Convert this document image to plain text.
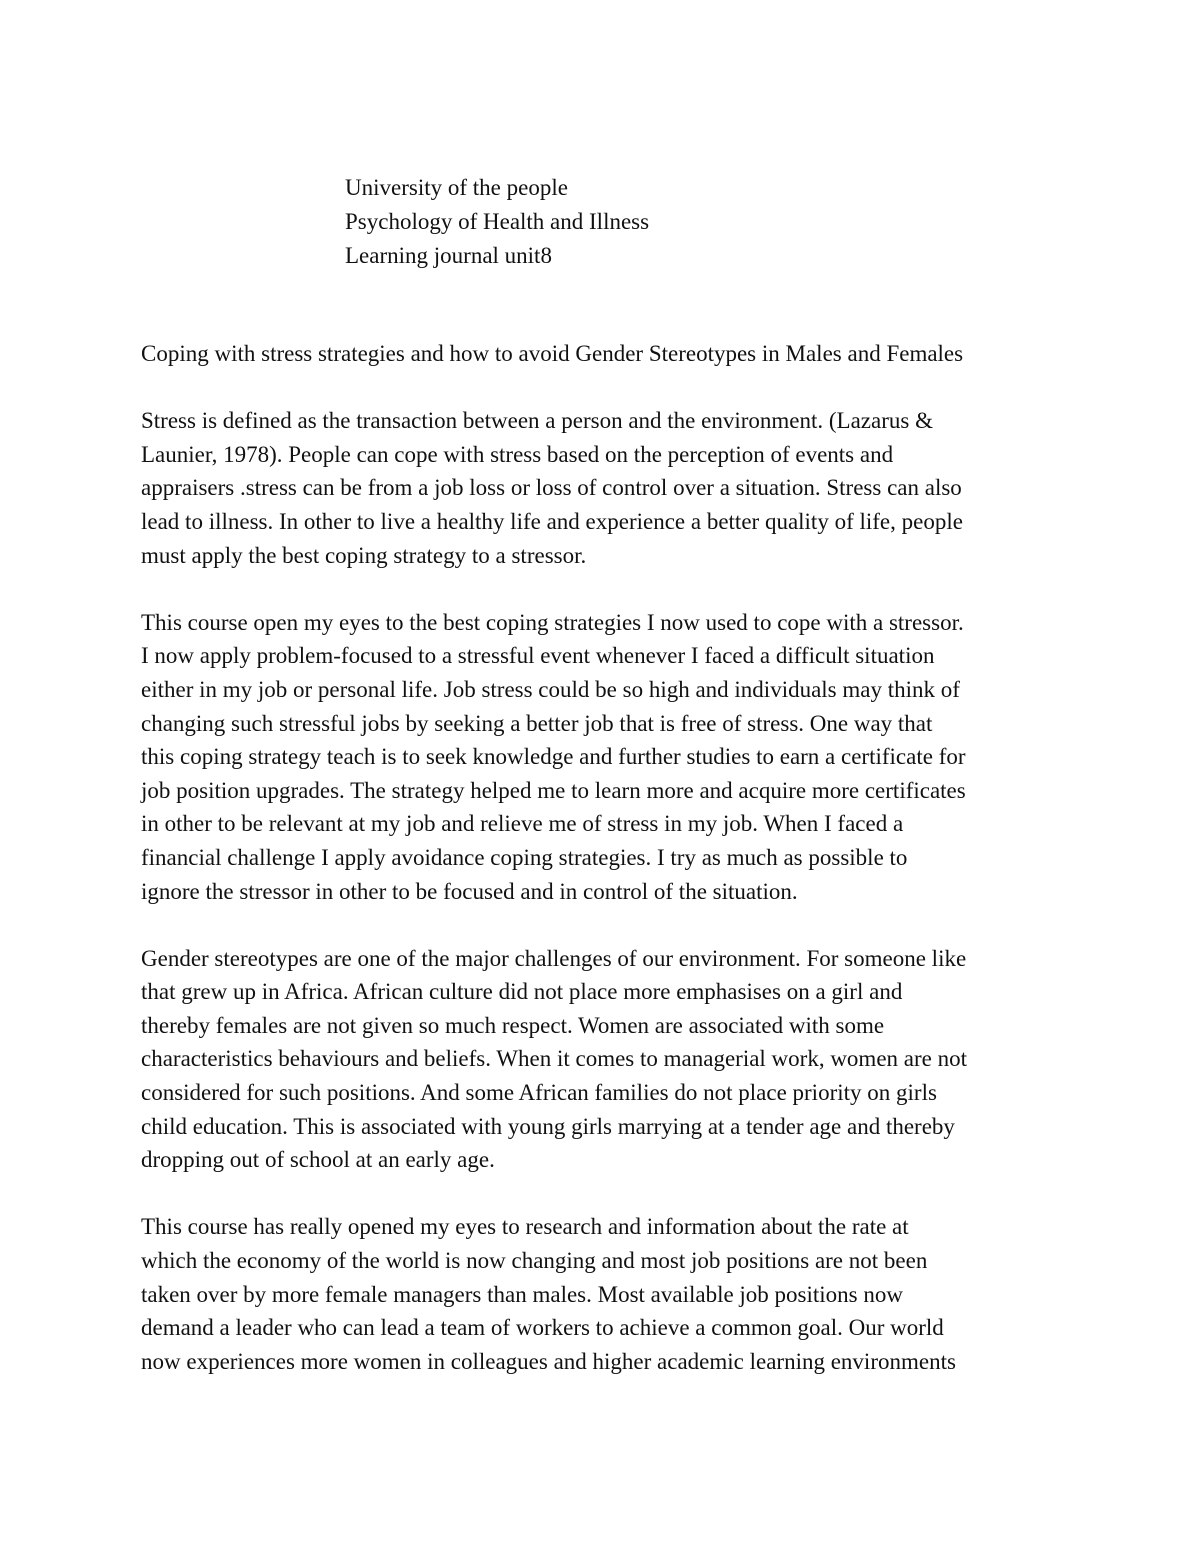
University of the people
Psychology of Health and Illness
Learning journal unit8
Coping with stress strategies and how to avoid Gender Stereotypes in Males and Females
Stress is defined as the transaction between a person and the environment. (Lazarus &
Launier, 1978). People can cope with stress based on the perception of events and
appraisers .stress can be from a job loss or loss of control over a situation. Stress can also
lead to illness. In other to live a healthy life and experience a better quality of life, people
must apply the best coping strategy to a stressor.
This course open my eyes to the best coping strategies I now used to cope with a stressor.
I now apply problem-focused to a stressful event whenever I faced a difficult situation
either in my job or personal life. Job stress could be so high and individuals may think of
changing such stressful jobs by seeking a better job that is free of stress. One way that
this coping strategy teach is to seek knowledge and further studies to earn a certificate for
job position upgrades. The strategy helped me to learn more and acquire more certificates
in other to be relevant at my job and relieve me of stress in my job. When I faced a
financial challenge I apply avoidance coping strategies. I try as much as possible to
ignore the stressor in other to be focused and in control of the situation.
Gender stereotypes are one of the major challenges of our environment. For someone like
that grew up in Africa. African culture did not place more emphasises on a girl and
thereby females are not given so much respect. Women are associated with some
characteristics behaviours and beliefs. When it comes to managerial work, women are not
considered for such positions. And some African families do not place priority on girls
child education. This is associated with young girls marrying at a tender age and thereby
dropping out of school at an early age.
This course has really opened my eyes to research and information about the rate at
which the economy of the world is now changing and most job positions are not been
taken over by more female managers than males. Most available job positions now
demand a leader who can lead a team of workers to achieve a common goal. Our world
now experiences more women in colleagues and higher academic learning environments
